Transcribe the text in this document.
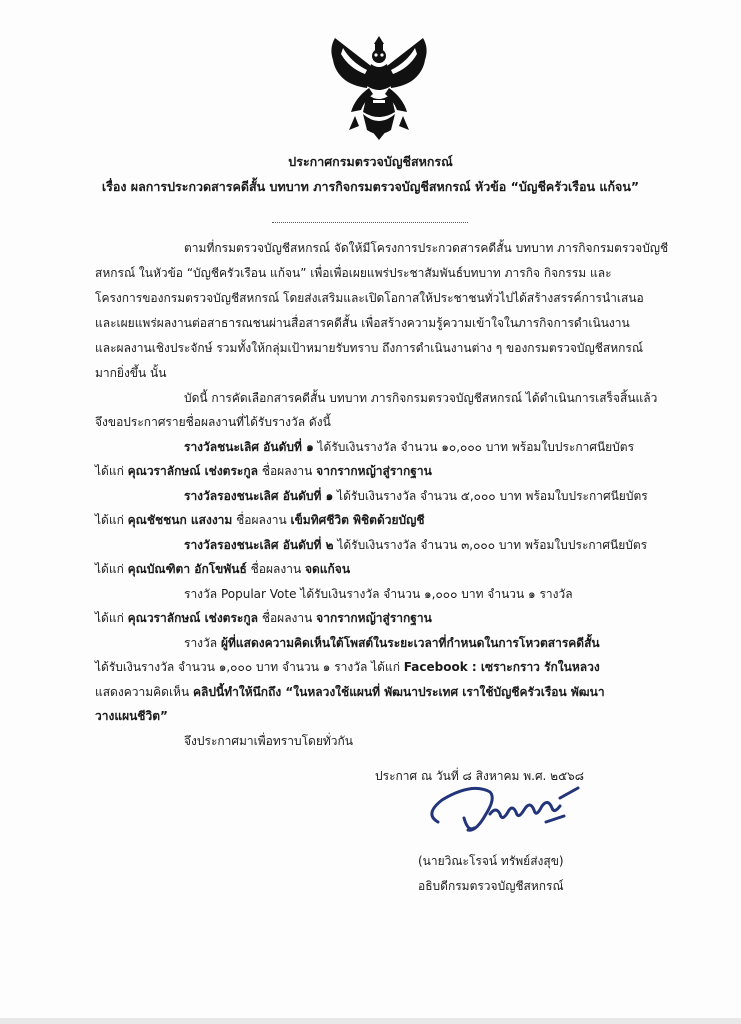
ประกาศกรมตรวจบัญชีสหกรณ์
เรื่อง ผลการประกวดสารคดีสั้น บทบาท ภารกิจกรมตรวจบัญชีสหกรณ์ หัวข้อ “บัญชีครัวเรือน แก้จน”
ตามที่กรมตรวจบัญชีสหกรณ์ จัดให้มีโครงการประกวดสารคดีสั้น บทบาท ภารกิจกรมตรวจบัญชี
สหกรณ์ ในหัวข้อ “บัญชีครัวเรือน แก้จน” เพื่อเพื่อเผยแพร่ประชาสัมพันธ์บทบาท ภารกิจ กิจกรรม และ
โครงการของกรมตรวจบัญชีสหกรณ์ โดยส่งเสริมและเปิดโอกาสให้ประชาชนทั่วไปได้สร้างสรรค์การนำเสนอ
และเผยแพร่ผลงานต่อสาธารณชนผ่านสื่อสารคดีสั้น เพื่อสร้างความรู้ความเข้าใจในภารกิจการดำเนินงาน
และผลงานเชิงประจักษ์ รวมทั้งให้กลุ่มเป้าหมายรับทราบ ถึงการดำเนินงานต่าง ๆ ของกรมตรวจบัญชีสหกรณ์
มากยิ่งขึ้น นั้น
บัดนี้ การคัดเลือกสารคดีสั้น บทบาท ภารกิจกรมตรวจบัญชีสหกรณ์ ได้ดำเนินการเสร็จสิ้นแล้ว
จึงขอประกาศรายชื่อผลงานที่ได้รับรางวัล ดังนี้
รางวัลชนะเลิศ อันดับที่ ๑ ได้รับเงินรางวัล จำนวน ๑๐,๐๐๐ บาท พร้อมใบประกาศนียบัตร
ได้แก่ คุณวราลักษณ์ เช่งตระกูล ชื่อผลงาน จากรากหญ้าสู่รากฐาน
รางวัลรองชนะเลิศ อันดับที่ ๑ ได้รับเงินรางวัล จำนวน ๕,๐๐๐ บาท พร้อมใบประกาศนียบัตร
ได้แก่ คุณชัชชนก แสงงาม ชื่อผลงาน เข็มทิศชีวิต พิชิตด้วยบัญชี
รางวัลรองชนะเลิศ อันดับที่ ๒ ได้รับเงินรางวัล จำนวน ๓,๐๐๐ บาท พร้อมใบประกาศนียบัตร
ได้แก่ คุณบัณฑิตา อักโขพันธ์ ชื่อผลงาน จดแก้จน
รางวัล Popular Vote ได้รับเงินรางวัล จำนวน ๑,๐๐๐ บาท จำนวน ๑ รางวัล
ได้แก่ คุณวราลักษณ์ เช่งตระกูล ชื่อผลงาน จากรากหญ้าสู่รากฐาน
รางวัล ผู้ที่แสดงความคิดเห็นใต้โพสต์ในระยะเวลาที่กำหนดในการโหวตสารคดีสั้น
ได้รับเงินรางวัล จำนวน ๑,๐๐๐ บาท จำนวน ๑ รางวัล ได้แก่ Facebook : เซราะกราว รักในหลวง
แสดงความคิดเห็น คลิปนี้ทำให้นึกถึง “ในหลวงใช้แผนที่ พัฒนาประเทศ เราใช้บัญชีครัวเรือน พัฒนา
วางแผนชีวิต”
จึงประกาศมาเพื่อทราบโดยทั่วกัน
ประกาศ ณ วันที่ ๘ สิงหาคม พ.ศ. ๒๕๖๘
(นายวิณะโรจน์ ทรัพย์ส่งสุข)
อธิบดีกรมตรวจบัญชีสหกรณ์
